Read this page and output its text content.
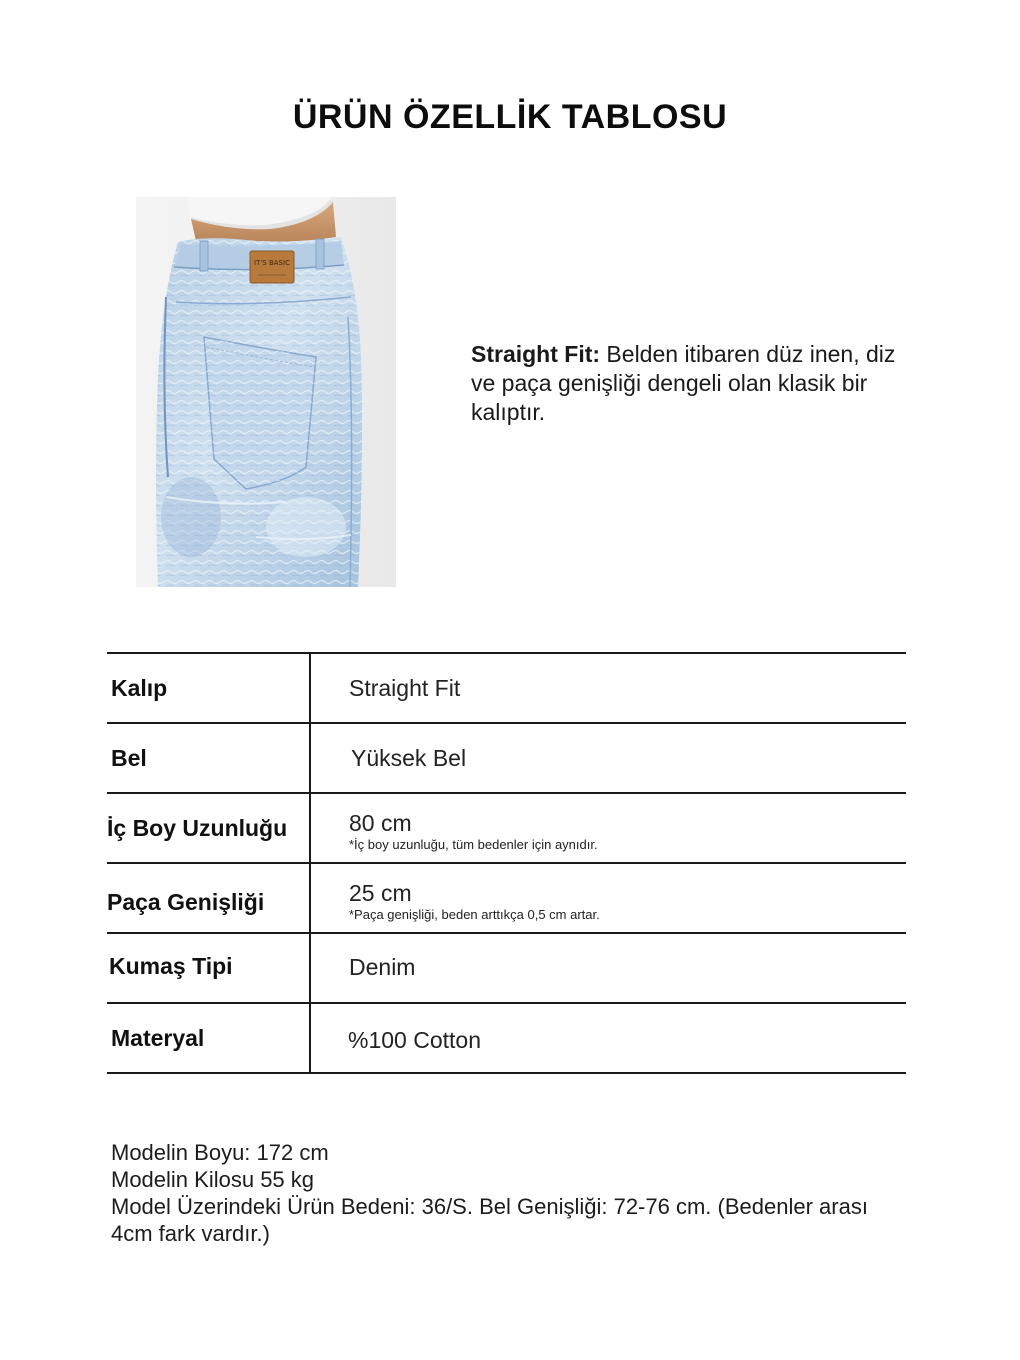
ÜRÜN ÖZELLİK TABLOSU
IT'S BASIC

Straight Fit: Belden itibaren düz inen, diz ve paça genişliği dengeli olan klasik bir kalıptır.

Kalıp	Straight Fit
Bel	Yüksek Bel
İç Boy Uzunluğu	80 cm
*İç boy uzunluğu, tüm bedenler için aynıdır.
Paça Genişliği	25 cm
*Paça genişliği, beden arttıkça 0,5 cm artar.
Kumaş Tipi	Denim
Materyal	%100 Cotton
Modelin Boyu: 172 cm
Modelin Kilosu 55 kg
Model Üzerindeki Ürün Bedeni: 36/S. Bel Genişliği: 72-76 cm. (Bedenler arası 4cm fark vardır.)
